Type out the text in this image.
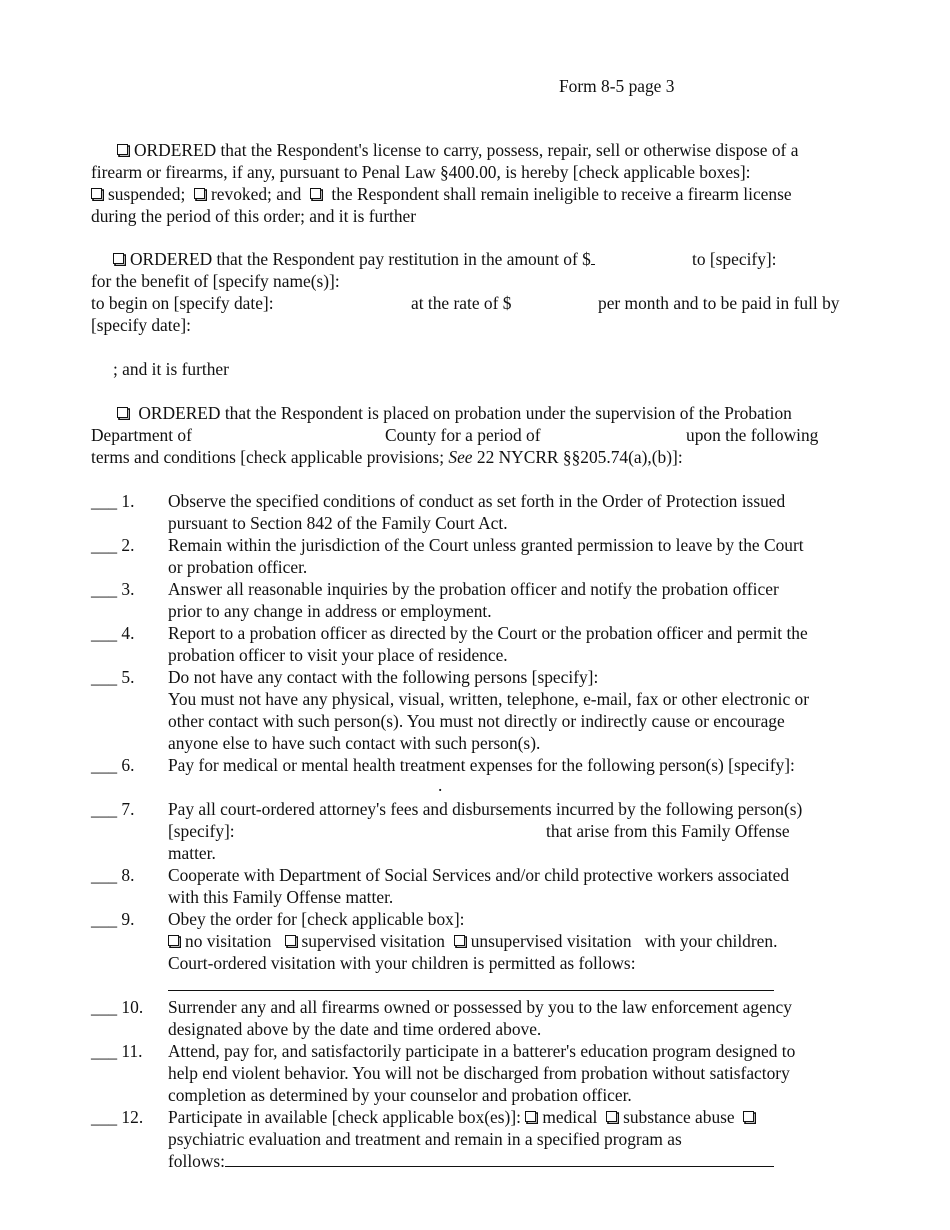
Form 8-5 page 3
ORDERED that the Respondent's license to carry, possess, repair, sell or otherwise dispose of a
firearm or firearms, if any, pursuant to Penal Law §400.00, is hereby [check applicable boxes]:
suspended; revoked; and the Respondent shall remain ineligible to receive a firearm license
during the period of this order; and it is further
ORDERED that the Respondent pay restitution in the amount of $	to [specify]:
for the benefit of [specify name(s)]:
to begin on [specify date]:	at the rate of $	per month and to be paid in full by
[specify date]:
; and it is further
ORDERED that the Respondent is placed on probation under the supervision of the Probation
Department of	County for a period of	upon the following
terms and conditions [check applicable provisions; See 22 NYCRR §§205.74(a),(b)]:
___ 1. Observe the specified conditions of conduct as set forth in the Order of Protection issued
pursuant to Section 842 of the Family Court Act.
___ 2. Remain within the jurisdiction of the Court unless granted permission to leave by the Court
or probation officer.
___ 3. Answer all reasonable inquiries by the probation officer and notify the probation officer
prior to any change in address or employment.
___ 4. Report to a probation officer as directed by the Court or the probation officer and permit the
probation officer to visit your place of residence.
___ 5. Do not have any contact with the following persons [specify]:
You must not have any physical, visual, written, telephone, e-mail, fax or other electronic or
other contact with such person(s). You must not directly or indirectly cause or encourage
anyone else to have such contact with such person(s).
___ 6. Pay for medical or mental health treatment expenses for the following person(s) [specify]:
.
___ 7. Pay all court-ordered attorney's fees and disbursements incurred by the following person(s)
[specify]:	that arise from this Family Offense
matter.
___ 8. Cooperate with Department of Social Services and/or child protective workers associated
with this Family Offense matter.
___ 9. Obey the order for [check applicable box]:
no visitation supervised visitation unsupervised visitation with your children.
Court-ordered visitation with your children is permitted as follows:
___ 10. Surrender any and all firearms owned or possessed by you to the law enforcement agency
designated above by the date and time ordered above.
___ 11. Attend, pay for, and satisfactorily participate in a batterer's education program designed to
help end violent behavior. You will not be discharged from probation without satisfactory
completion as determined by your counselor and probation officer.
___ 12. Participate in available [check applicable box(es)]: medical substance abuse
psychiatric evaluation and treatment and remain in a specified program as
follows:
